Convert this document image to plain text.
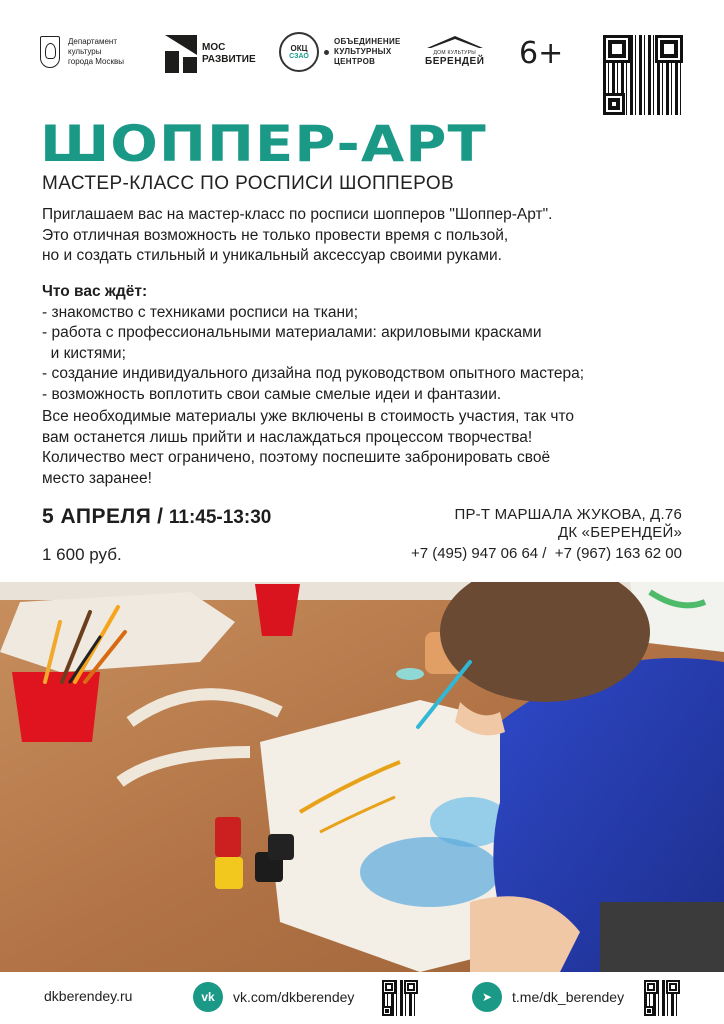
Департамент
культуры
города Москвы
МОС
РАЗВИТИЕ
ОКЦ
СЗАО
ОБЪЕДИНЕНИЕ
КУЛЬТУРНЫХ
ЦЕНТРОВ
ДОМ КУЛЬТУРЫ
БЕРЕНДЕЙ 6+
ШОППЕР-АРТ
МАСТЕР-КЛАСС ПО РОСПИСИ ШОППЕРОВ
Приглашаем вас на мастер-класс по росписи шопперов "Шоппер-Арт".
Это отличная возможность не только провести время с пользой,
но и создать стильный и уникальный аксессуар своими руками.
Что вас ждёт:
- знакомство с техниками росписи на ткани;
- работа с профессиональными материалами: акриловыми красками
и кистями;
- создание индивидуального дизайна под руководством опытного мастера;
- возможность воплотить свои самые смелые идеи и фантазии.
Все необходимые материалы уже включены в стоимость участия, так что
вам останется лишь прийти и наслаждаться процессом творчества!
Количество мест ограничено, поэтому поспешите забронировать своё
место заранее!
5 АПРЕЛЯ / 11:45-13:30
1 600 руб.
ПР-Т МАРШАЛА ЖУКОВА, Д.76
ДК «БЕРЕНДЕЙ»
+7 (495) 947 06 64 /  +7 (967) 163 62 00
dkberendey.ru	vk	vk.com/dkberendey	➤	t.me/dk_berendey
